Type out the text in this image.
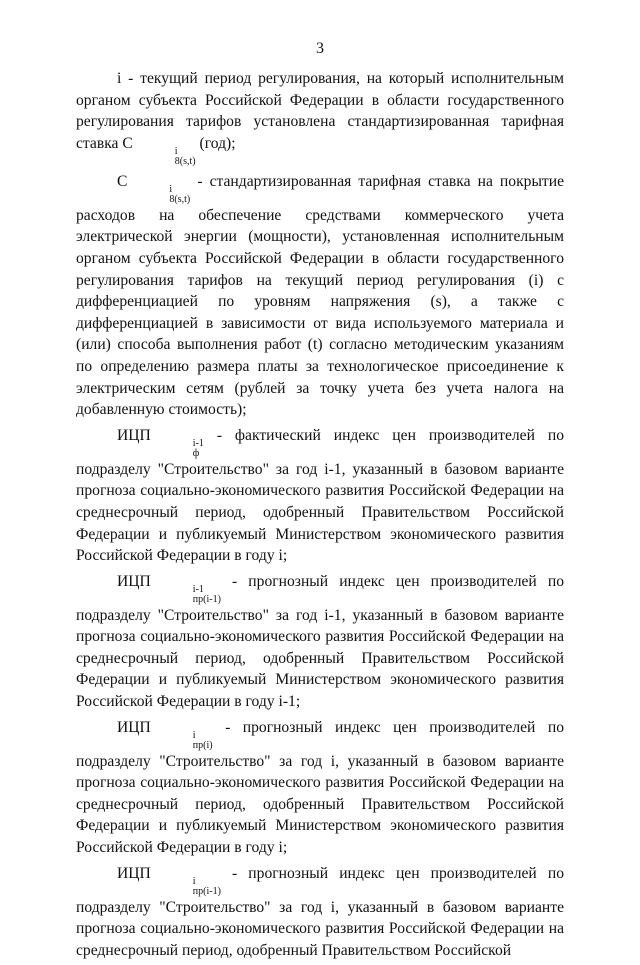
3

i - текущий период регулирования, на который исполнительным органом субъекта Российской Федерации в области государственного регулирования тарифов установлена стандартизированная тарифная ставка C	i
8(s,t)
(год);

C	i
8(s,t)
- стандартизированная тарифная ставка на покрытие расходов на обеспечение средствами коммерческого учета электрической энергии (мощности), установленная исполнительным органом субъекта Российской Федерации в области государственного регулирования тарифов на текущий период регулирования (i) с дифференциацией по уровням напряжения (s), а также с дифференциацией в зависимости от вида используемого материала и (или) способа выполнения работ (t) согласно методическим указаниям по определению размера платы за технологическое присоединение к электрическим сетям (рублей за точку учета без учета налога на добавленную стоимость);

ИЦП	i-1
ф
- фактический индекс цен производителей по подразделу "Строительство" за год i-1, указанный в базовом варианте прогноза социально-экономического развития Российской Федерации на среднесрочный период, одобренный Правительством Российской Федерации и публикуемый Министерством экономического развития Российской Федерации в году i;

ИЦП	i-1
пр(i-1)
- прогнозный индекс цен производителей по подразделу "Строительство" за год i-1, указанный в базовом варианте прогноза социально-экономического развития Российской Федерации на среднесрочный период, одобренный Правительством Российской Федерации и публикуемый Министерством экономического развития Российской Федерации в году i-1;

ИЦП	i
пр(i)
- прогнозный индекс цен производителей по подразделу "Строительство" за год i, указанный в базовом варианте прогноза социально-экономического развития Российской Федерации на среднесрочный период, одобренный Правительством Российской Федерации и публикуемый Министерством экономического развития Российской Федерации в году i;

ИЦП	i
пр(i-1)
- прогнозный индекс цен производителей по подразделу "Строительство" за год i, указанный в базовом варианте прогноза социально-экономического развития Российской Федерации на среднесрочный период, одобренный Правительством Российской
